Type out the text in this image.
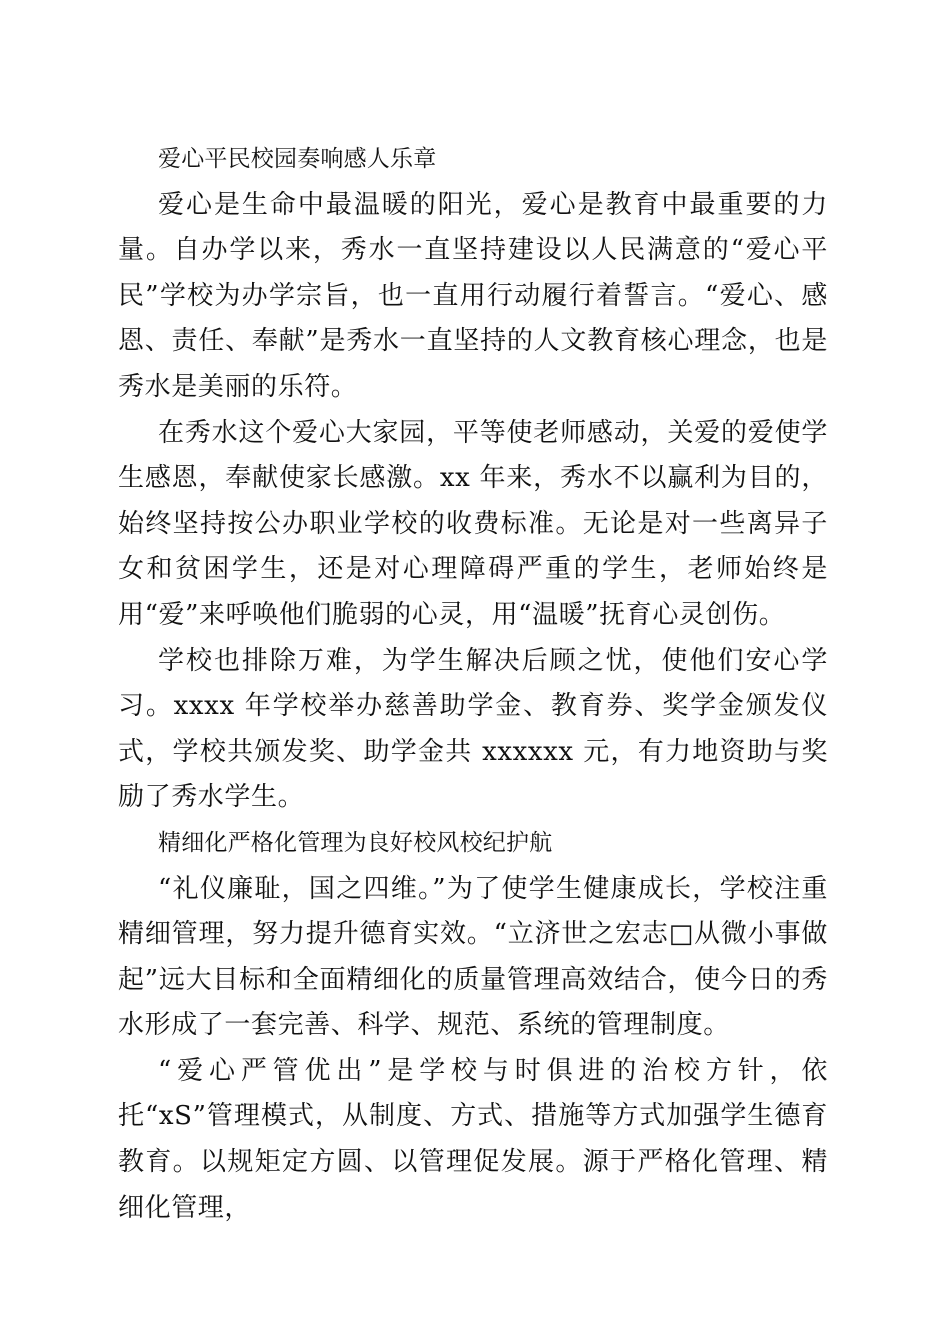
爱心平民校园奏响感人乐章

爱心是生命中最温暖的阳光，爱心是教育中最重要的力量。自办学以来，秀水一直坚持建设以人民满意的“爱心平民”学校为办学宗旨，也一直用行动履行着誓言。“爱心、感恩、责任、奉献”是秀水一直坚持的人文教育核心理念，也是秀水是美丽的乐符。

在秀水这个爱心大家园，平等使老师感动，关爱的爱使学生感恩，奉献使家长感激。xx 年来，秀水不以赢利为目的，始终坚持按公办职业学校的收费标准。无论是对一些离异子女和贫困学生，还是对心理障碍严重的学生，老师始终是用“爱”来呼唤他们脆弱的心灵，用“温暖”抚育心灵创伤。

学校也排除万难，为学生解决后顾之忧，使他们安心学习。xxxx 年学校举办慈善助学金、教育券、奖学金颁发仪式，学校共颁发奖、助学金共 xxxxxx 元，有力地资助与奖励了秀水学生。

精细化严格化管理为良好校风校纪护航

“礼仪廉耻，国之四维。”为了使学生健康成长，学校注重精细管理，努力提升德育实效。“立济世之宏志□从微小事做起”远大目标和全面精细化的质量管理高效结合，使今日的秀水形成了一套完善、科学、规范、系统的管理制度。

“爱心严管优出”是学校与时俱进的治校方针，依托“xS”管理模式，从制度、方式、措施等方式加强学生德育教育。以规矩定方圆、以管理促发展。源于严格化管理、精细化管理，
